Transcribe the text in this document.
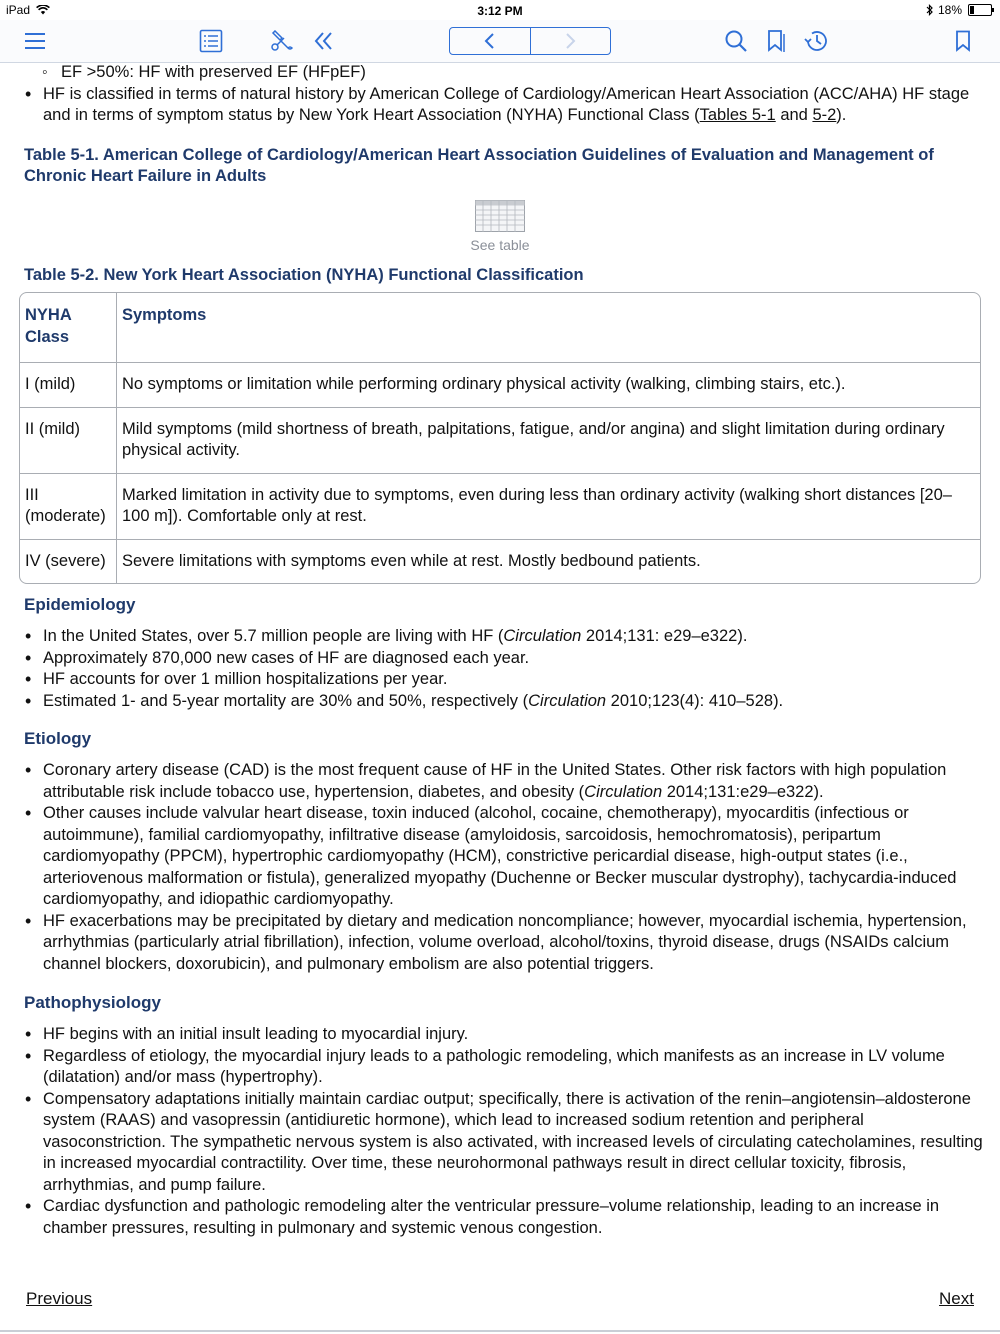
iPad	3:12 PM	18%
◦ EF >50%: HF with preserved EF (HFpEF)
• HF is classified in terms of natural history by American College of Cardiology/American Heart Association (ACC/AHA) HF stage and in terms of symptom status by New York Heart Association (NYHA) Functional Class (Tables 5-1 and 5-2).
Table 5-1. American College of Cardiology/American Heart Association Guidelines of Evaluation and Management of Chronic Heart Failure in Adults
See table
Table 5-2. New York Heart Association (NYHA) Functional Classification
NYHA Class	Symptoms
I (mild)	No symptoms or limitation while performing ordinary physical activity (walking, climbing stairs, etc.).
II (mild)	Mild symptoms (mild shortness of breath, palpitations, fatigue, and/or angina) and slight limitation during ordinary physical activity.
III (moderate)	Marked limitation in activity due to symptoms, even during less than ordinary activity (walking short distances [20–100 m]). Comfortable only at rest.
IV (severe)	Severe limitations with symptoms even while at rest. Mostly bedbound patients.
Epidemiology
• In the United States, over 5.7 million people are living with HF (Circulation 2014;131: e29–e322).
• Approximately 870,000 new cases of HF are diagnosed each year.
• HF accounts for over 1 million hospitalizations per year.
• Estimated 1- and 5-year mortality are 30% and 50%, respectively (Circulation 2010;123(4): 410–528).
Etiology
• Coronary artery disease (CAD) is the most frequent cause of HF in the United States. Other risk factors with high population attributable risk include tobacco use, hypertension, diabetes, and obesity (Circulation 2014;131:e29–e322).
• Other causes include valvular heart disease, toxin induced (alcohol, cocaine, chemotherapy), myocarditis (infectious or autoimmune), familial cardiomyopathy, infiltrative disease (amyloidosis, sarcoidosis, hemochromatosis), peripartum cardiomyopathy (PPCM), hypertrophic cardiomyopathy (HCM), constrictive pericardial disease, high-output states (i.e., arteriovenous malformation or fistula), generalized myopathy (Duchenne or Becker muscular dystrophy), tachycardia-induced cardiomyopathy, and idiopathic cardiomyopathy.
• HF exacerbations may be precipitated by dietary and medication noncompliance; however, myocardial ischemia, hypertension, arrhythmias (particularly atrial fibrillation), infection, volume overload, alcohol/toxins, thyroid disease, drugs (NSAIDs calcium channel blockers, doxorubicin), and pulmonary embolism are also potential triggers.
Pathophysiology
• HF begins with an initial insult leading to myocardial injury.
• Regardless of etiology, the myocardial injury leads to a pathologic remodeling, which manifests as an increase in LV volume (dilatation) and/or mass (hypertrophy).
• Compensatory adaptations initially maintain cardiac output; specifically, there is activation of the renin–angiotensin–aldosterone system (RAAS) and vasopressin (antidiuretic hormone), which lead to increased sodium retention and peripheral vasoconstriction. The sympathetic nervous system is also activated, with increased levels of circulating catecholamines, resulting in increased myocardial contractility. Over time, these neurohormonal pathways result in direct cellular toxicity, fibrosis, arrhythmias, and pump failure.
• Cardiac dysfunction and pathologic remodeling alter the ventricular pressure–volume relationship, leading to an increase in chamber pressures, resulting in pulmonary and systemic venous congestion.
Previous	Next
